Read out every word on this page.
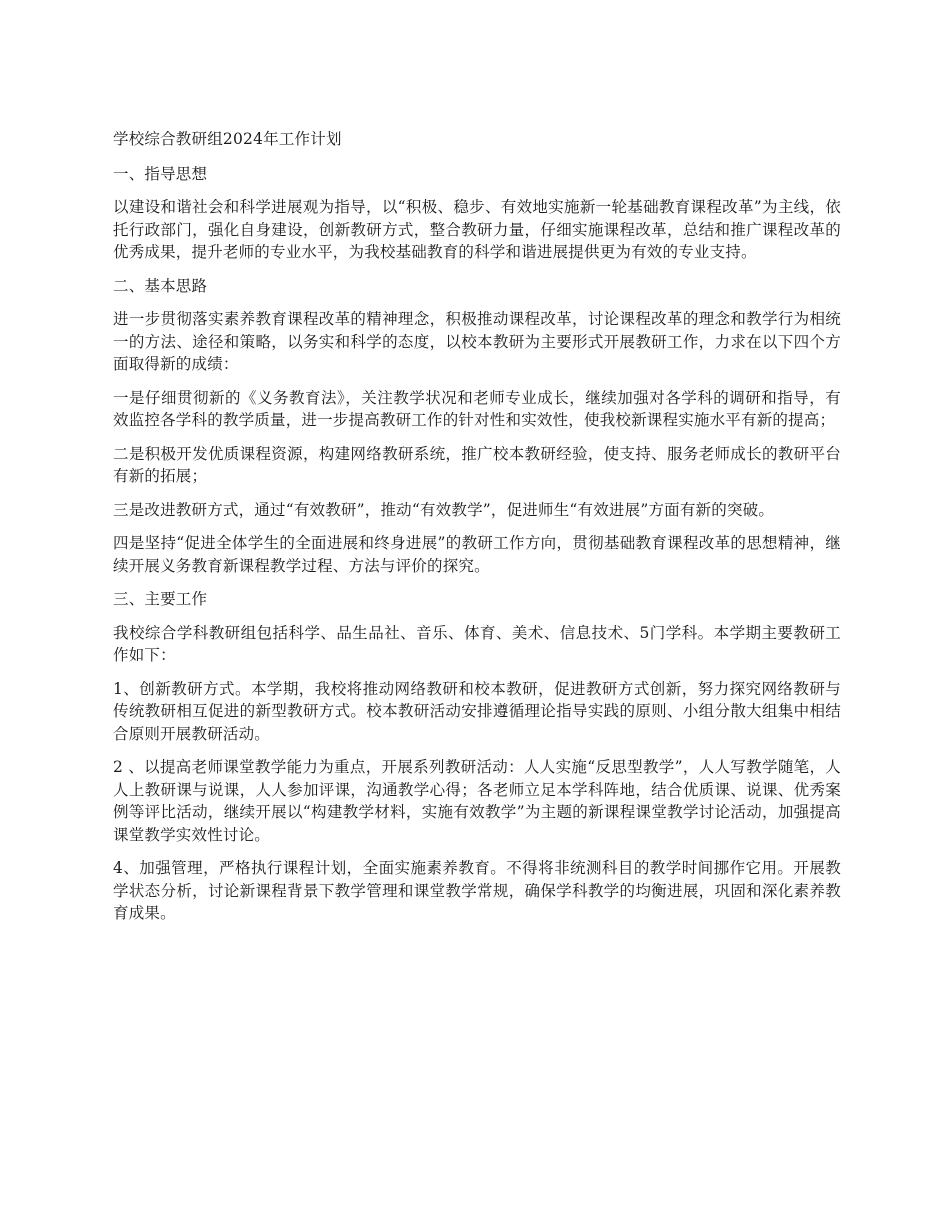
学校综合教研组2024年工作计划

一、指导思想

以建设和谐社会和科学进展观为指导，以“积极、稳步、有效地实施新一轮基础教育课程改革”为主线，依托行政部门，强化自身建设，创新教研方式，整合教研力量，仔细实施课程改革，总结和推广课程改革的优秀成果，提升老师的专业水平，为我校基础教育的科学和谐进展提供更为有效的专业支持。

二、基本思路

进一步贯彻落实素养教育课程改革的精神理念，积极推动课程改革，讨论课程改革的理念和教学行为相统一的方法、途径和策略，以务实和科学的态度，以校本教研为主要形式开展教研工作，力求在以下四个方面取得新的成绩：

一是仔细贯彻新的《义务教育法》，关注教学状况和老师专业成长，继续加强对各学科的调研和指导，有效监控各学科的教学质量，进一步提高教研工作的针对性和实效性，使我校新课程实施水平有新的提高；

二是积极开发优质课程资源，构建网络教研系统，推广校本教研经验，使支持、服务老师成长的教研平台有新的拓展；

三是改进教研方式，通过“有效教研”，推动“有效教学”，促进师生“有效进展”方面有新的突破。

四是坚持“促进全体学生的全面进展和终身进展”的教研工作方向，贯彻基础教育课程改革的思想精神，继续开展义务教育新课程教学过程、方法与评价的探究。

三、主要工作

我校综合学科教研组包括科学、品生品社、音乐、体育、美术、信息技术、5门学科。本学期主要教研工作如下：

1、创新教研方式。本学期，我校将推动网络教研和校本教研，促进教研方式创新，努力探究网络教研与传统教研相互促进的新型教研方式。校本教研活动安排遵循理论指导实践的原则、小组分散大组集中相结合原则开展教研活动。

2 、以提高老师课堂教学能力为重点，开展系列教研活动：人人实施“反思型教学”，人人写教学随笔，人人上教研课与说课，人人参加评课，沟通教学心得；各老师立足本学科阵地，结合优质课、说课、优秀案例等评比活动，继续开展以“构建教学材料，实施有效教学”为主题的新课程课堂教学讨论活动，加强提高课堂教学实效性讨论。

4、加强管理，严格执行课程计划，全面实施素养教育。不得将非统测科目的教学时间挪作它用。开展教学状态分析，讨论新课程背景下教学管理和课堂教学常规，确保学科教学的均衡进展，巩固和深化素养教育成果。
